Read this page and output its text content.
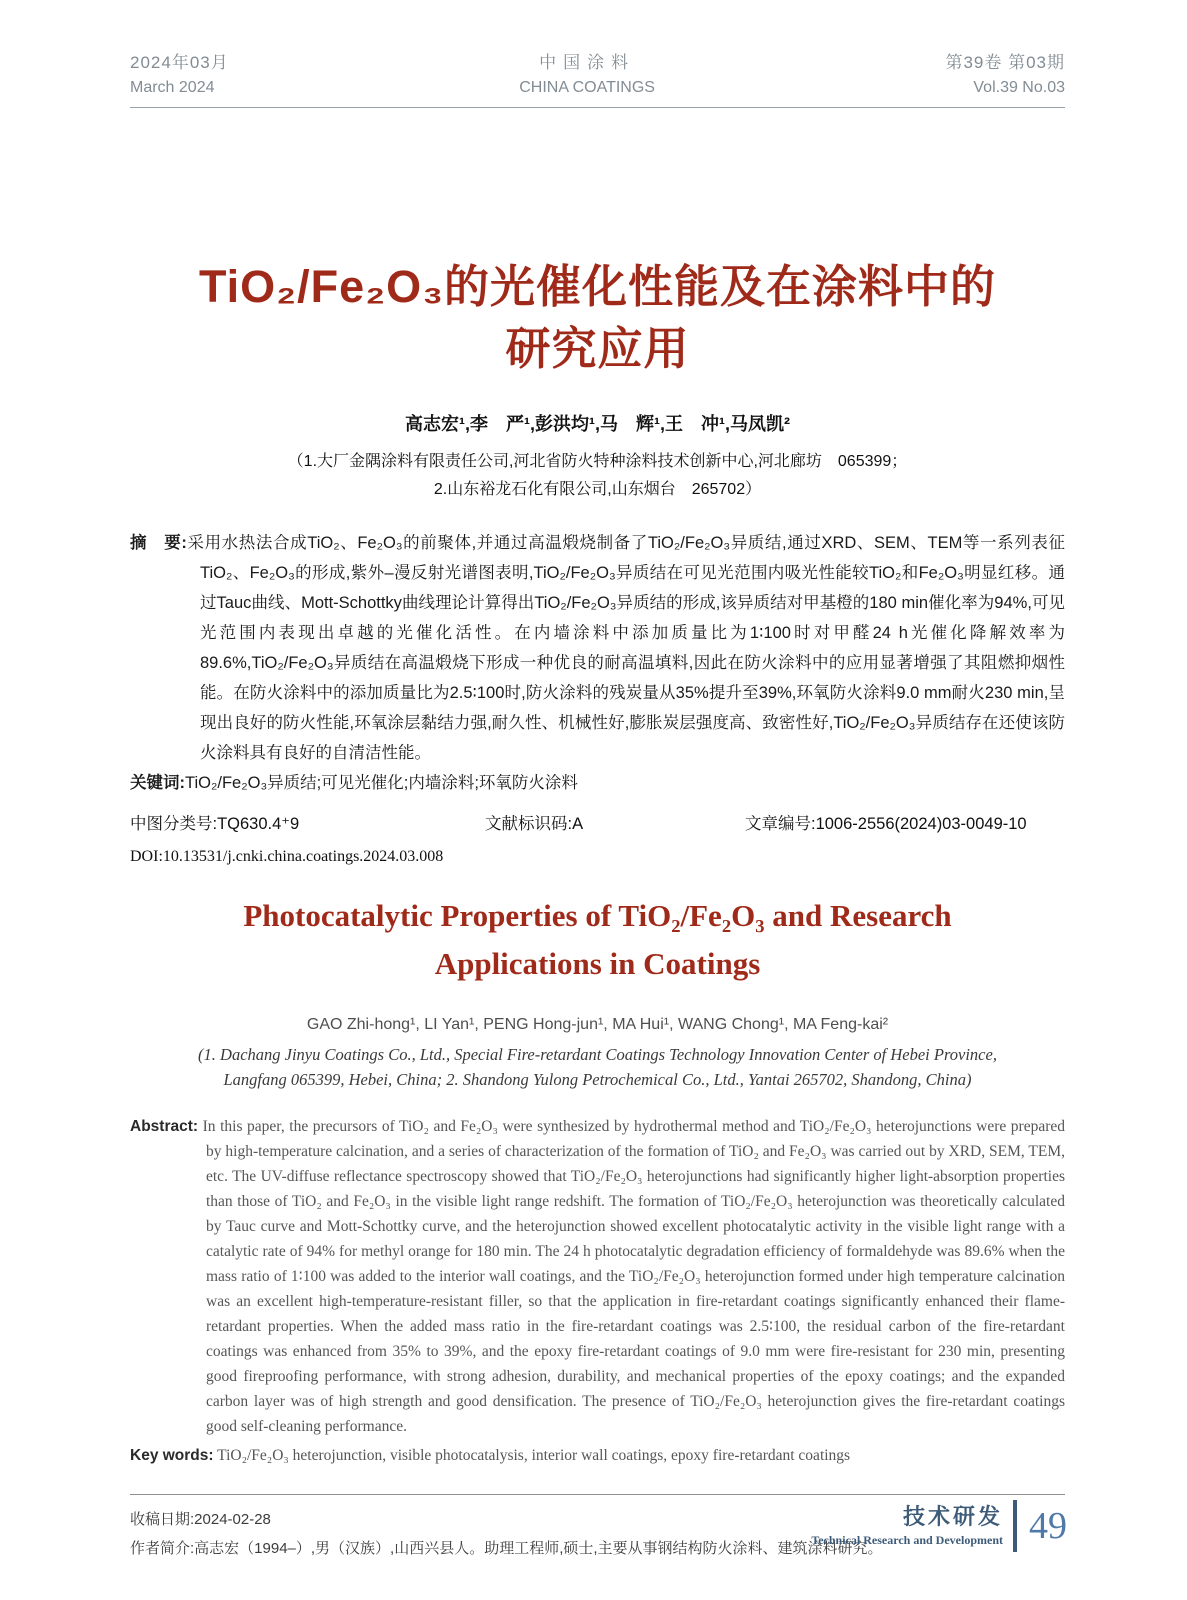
2024年03月
March 2024
中国涂料
CHINA COATINGS
第39卷 第03期
Vol.39 No.03
TiO₂/Fe₂O₃的光催化性能及在涂料中的
研究应用
高志宏¹,李　严¹,彭洪均¹,马　辉¹,王　冲¹,马凤凯²
（1.大厂金隅涂料有限责任公司,河北省防火特种涂料技术创新中心,河北廊坊　065399；
2.山东裕龙石化有限公司,山东烟台　265702）
摘　要:采用水热法合成TiO₂、Fe₂O₃的前聚体,并通过高温煅烧制备了TiO₂/Fe₂O₃异质结,通过XRD、SEM、TEM等一系列表征TiO₂、Fe₂O₃的形成,紫外–漫反射光谱图表明,TiO₂/Fe₂O₃异质结在可见光范围内吸光性能较TiO₂和Fe₂O₃明显红移。通过Tauc曲线、Mott-Schottky曲线理论计算得出TiO₂/Fe₂O₃异质结的形成,该异质结对甲基橙的180 min催化率为94%,可见光范围内表现出卓越的光催化活性。在内墙涂料中添加质量比为1∶100时对甲醛24 h光催化降解效率为89.6%,TiO₂/Fe₂O₃异质结在高温煅烧下形成一种优良的耐高温填料,因此在防火涂料中的应用显著增强了其阻燃抑烟性能。在防火涂料中的添加质量比为2.5∶100时,防火涂料的残炭量从35%提升至39%,环氧防火涂料9.0 mm耐火230 min,呈现出良好的防火性能,环氧涂层黏结力强,耐久性、机械性好,膨胀炭层强度高、致密性好,TiO₂/Fe₂O₃异质结存在还使该防火涂料具有良好的自清洁性能。
关键词:TiO₂/Fe₂O₃异质结;可见光催化;内墙涂料;环氧防火涂料
中图分类号:TQ630.4⁺9	文献标识码:A	文章编号:1006-2556(2024)03-0049-10
DOI:10.13531/j.cnki.china.coatings.2024.03.008
Photocatalytic Properties of TiO₂/Fe₂O₃ and Research
Applications in Coatings
GAO Zhi-hong¹, LI Yan¹, PENG Hong-jun¹, MA Hui¹, WANG Chong¹, MA Feng-kai²
(1. Dachang Jinyu Coatings Co., Ltd., Special Fire-retardant Coatings Technology Innovation Center of Hebei Province,
Langfang 065399, Hebei, China; 2. Shandong Yulong Petrochemical Co., Ltd., Yantai 265702, Shandong, China)
Abstract: In this paper, the precursors of TiO₂ and Fe₂O₃ were synthesized by hydrothermal method and TiO₂/Fe₂O₃ heterojunctions were prepared by high-temperature calcination, and a series of characterization of the formation of TiO₂ and Fe₂O₃ was carried out by XRD, SEM, TEM, etc. The UV-diffuse reflectance spectroscopy showed that TiO₂/Fe₂O₃ heterojunctions had significantly higher light-absorption properties than those of TiO₂ and Fe₂O₃ in the visible light range redshift. The formation of TiO₂/Fe₂O₃ heterojunction was theoretically calculated by Tauc curve and Mott-Schottky curve, and the heterojunction showed excellent photocatalytic activity in the visible light range with a catalytic rate of 94% for methyl orange for 180 min. The 24 h photocatalytic degradation efficiency of formaldehyde was 89.6% when the mass ratio of 1∶100 was added to the interior wall coatings, and the TiO₂/Fe₂O₃ heterojunction formed under high temperature calcination was an excellent high-temperature-resistant filler, so that the application in fire-retardant coatings significantly enhanced their flame-retardant properties. When the added mass ratio in the fire-retardant coatings was 2.5∶100, the residual carbon of the fire-retardant coatings was enhanced from 35% to 39%, and the epoxy fire-retardant coatings of 9.0 mm were fire-resistant for 230 min, presenting good fireproofing performance, with strong adhesion, durability, and mechanical properties of the epoxy coatings; and the expanded carbon layer was of high strength and good densification. The presence of TiO₂/Fe₂O₃ heterojunction gives the fire-retardant coatings good self-cleaning performance.
Key words: TiO₂/Fe₂O₃ heterojunction, visible photocatalysis, interior wall coatings, epoxy fire-retardant coatings
收稿日期:2024-02-28
作者简介:高志宏（1994–）,男（汉族）,山西兴县人。助理工程师,硕士,主要从事钢结构防火涂料、建筑涂料研究。
技术研发
Technical Research and Development 49
